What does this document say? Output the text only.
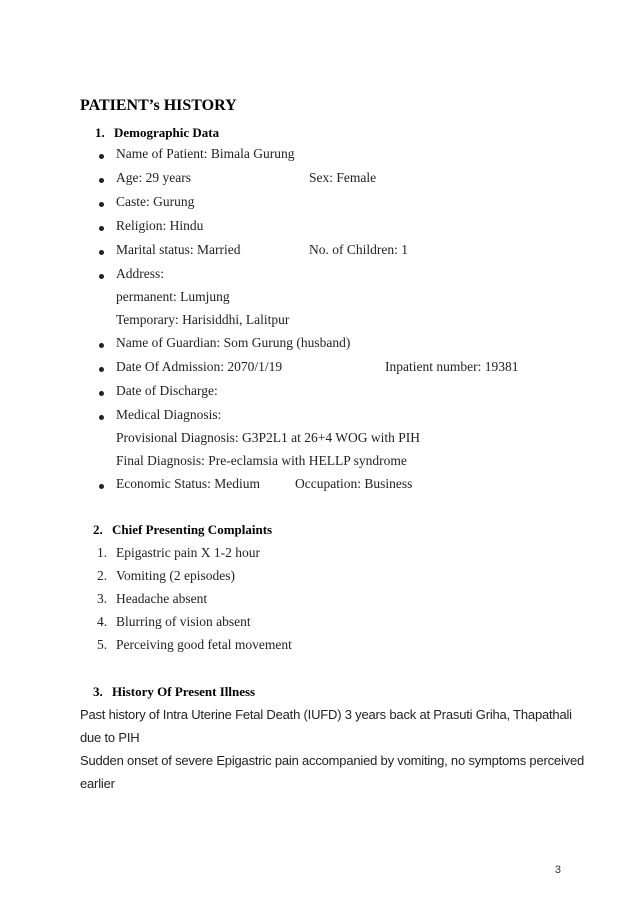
PATIENT’s HISTORY
1. Demographic Data
Name of Patient: Bimala Gurung
Age: 29 years	Sex: Female
Caste: Gurung
Religion: Hindu
Marital status: Married	No. of Children: 1
Address:
permanent: Lumjung
Temporary: Harisiddhi, Lalitpur
Name of Guardian: Som Gurung (husband)
Date Of Admission: 2070/1/19	Inpatient number: 19381
Date of Discharge:
Medical Diagnosis:
Provisional Diagnosis: G3P2L1 at 26+4 WOG with PIH
Final Diagnosis: Pre-eclamsia with HELLP syndrome
Economic Status: Medium	Occupation: Business
2. Chief Presenting Complaints
1. Epigastric pain X 1-2 hour
2. Vomiting (2 episodes)
3. Headache absent
4. Blurring of vision absent
5. Perceiving good fetal movement
3. History Of Present Illness
Past history of Intra Uterine Fetal Death (IUFD) 3 years back at Prasuti Griha, Thapathali
due to PIH
Sudden onset of severe Epigastric pain accompanied by vomiting, no symptoms perceived
earlier
3
